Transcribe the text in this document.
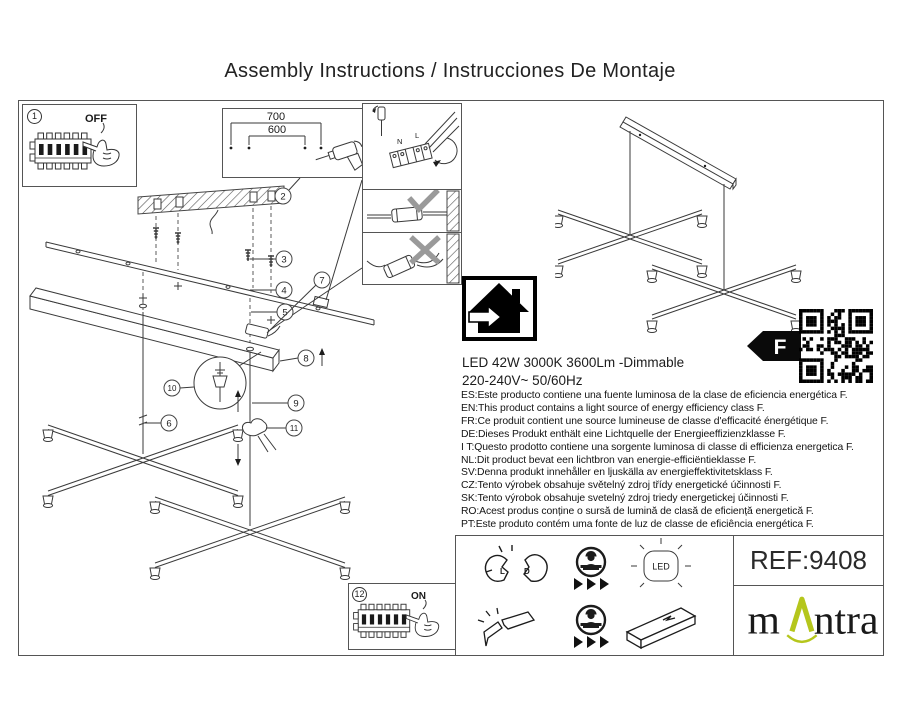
Assembly Instructions / Instrucciones De Montaje
2
3
4
5
6
7
8
9
10
11
1	OFF	700
600
N
L
12	ON
F
LED 42W 3000K 3600Lm -Dimmable
220-240V~ 50/60Hz
ES:Este producto contiene una fuente luminosa de la clase de eficiencia energética F.
EN:This product contains a light source of energy efficiency class F.
FR:Ce produit contient une source lumineuse de classe d'efficacité énergétique F.
DE:Dieses Produkt enthält eine Lichtquelle der Energieeffizienzklasse F.
I T:Questo prodotto contiene una sorgente luminosa di classe di efficienza energetica F.
NL:Dit product bevat een lichtbron van energie-efficiëntieklasse F.
SV:Denna produkt innehåller en ljuskälla av energieffektivitetsklass F.
CZ:Tento výrobek obsahuje světelný zdroj třídy energetické účinnosti F.
SK:Tento výrobok obsahuje svetelný zdroj triedy energetickej účinnosti F.
RO:Acest produs conține o sursă de lumină de clasă de eficiență energetică F.
PT:Este produto contém uma fonte de luz de classe de eficiência energética F.
L D	LED	REF:9408
m ntra
